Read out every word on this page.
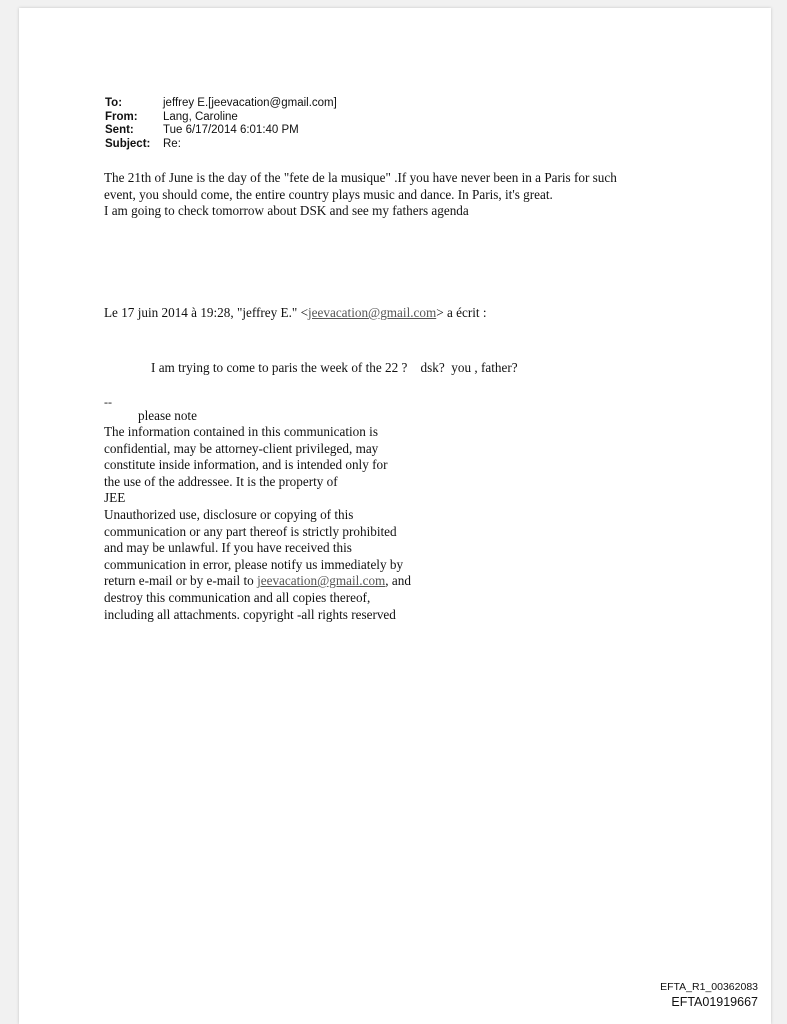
To:	jeffrey E.[jeevacation@gmail.com]
From:	Lang, Caroline
Sent:	Tue 6/17/2014 6:01:40 PM
Subject:	Re:
The 21th of June is the day of the "fete de la musique" .If you have never been in a Paris for such
event, you should come, the entire country plays music and dance. In Paris, it's great.
I am going to check tomorrow about DSK and see my fathers agenda
Le 17 juin 2014 à 19:28, "jeffrey E." <jeevacation@gmail.com> a écrit :
I am trying to come to paris the week of the 22 ?    dsk?  you , father?
--
please note
The information contained in this communication is
confidential, may be attorney-client privileged, may
constitute inside information, and is intended only for
the use of the addressee. It is the property of
JEE
Unauthorized use, disclosure or copying of this
communication or any part thereof is strictly prohibited
and may be unlawful. If you have received this
communication in error, please notify us immediately by
return e-mail or by e-mail to jeevacation@gmail.com, and
destroy this communication and all copies thereof,
including all attachments. copyright -all rights reserved
EFTA_R1_00362083
EFTA01919667
